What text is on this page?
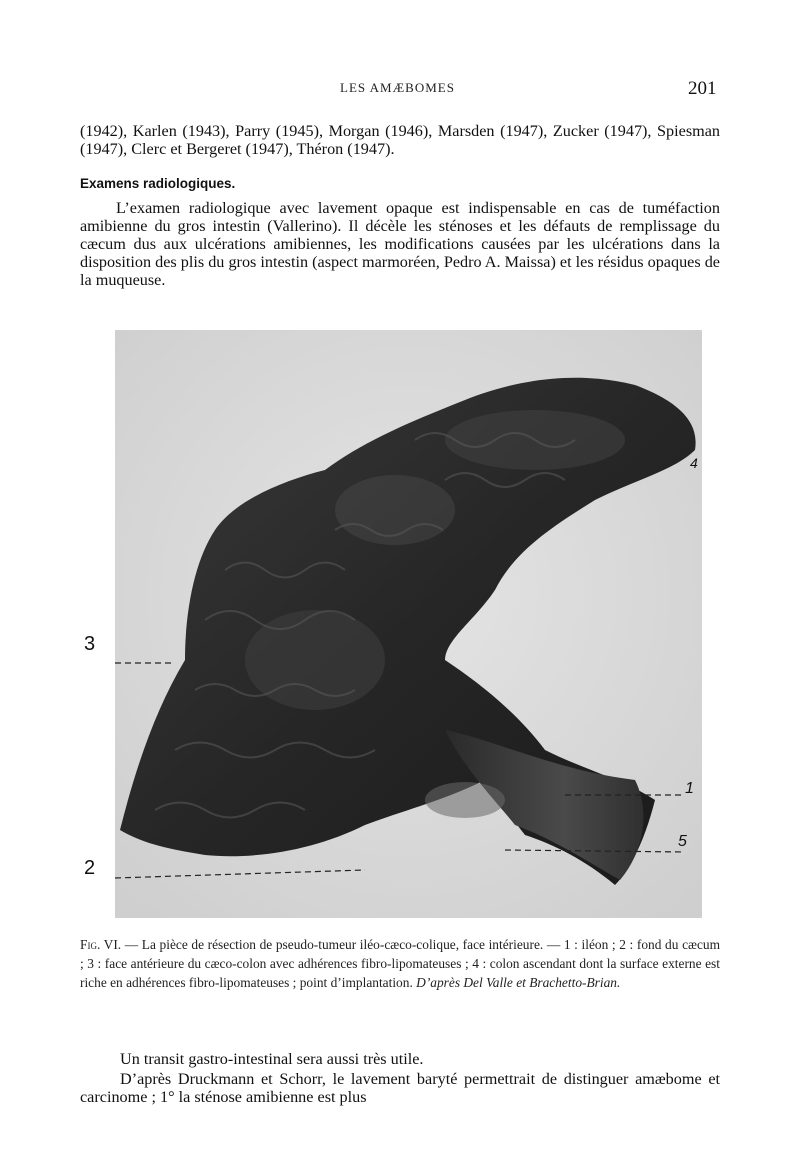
LES AMÆBOMES	201

(1942), Karlen (1943), Parry (1945), Morgan (1946), Marsden (1947), Zucker (1947), Spiesman (1947), Clerc et Bergeret (1947), Théron (1947).

Examens radiologiques.

L’examen radiologique avec lavement opaque est indispensable en cas de tuméfaction amibienne du gros intestin (Vallerino). Il décèle les sténoses et les défauts de remplissage du cæcum dus aux ulcérations amibiennes, les modifications causées par les ulcérations dans la disposition des plis du gros intestin (aspect marmoréen, Pedro A. Maissa) et les résidus opaques de la muqueuse.

3
2
4
1
5

Fig. VI. — La pièce de résection de pseudo-tumeur iléo-cæco-colique, face intérieure. — 1 : iléon ; 2 : fond du cæcum ; 3 : face antérieure du cæco-colon avec adhérences fibro-lipomateuses ; 4 : colon ascendant dont la surface externe est riche en adhérences fibro-lipomateuses ; point d’implantation. D’après Del Valle et Brachetto-Brian.

Un transit gastro-intestinal sera aussi très utile.

D’après Druckmann et Schorr, le lavement baryté permettrait de distinguer amæbome et carcinome ; 1° la sténose amibienne est plus
